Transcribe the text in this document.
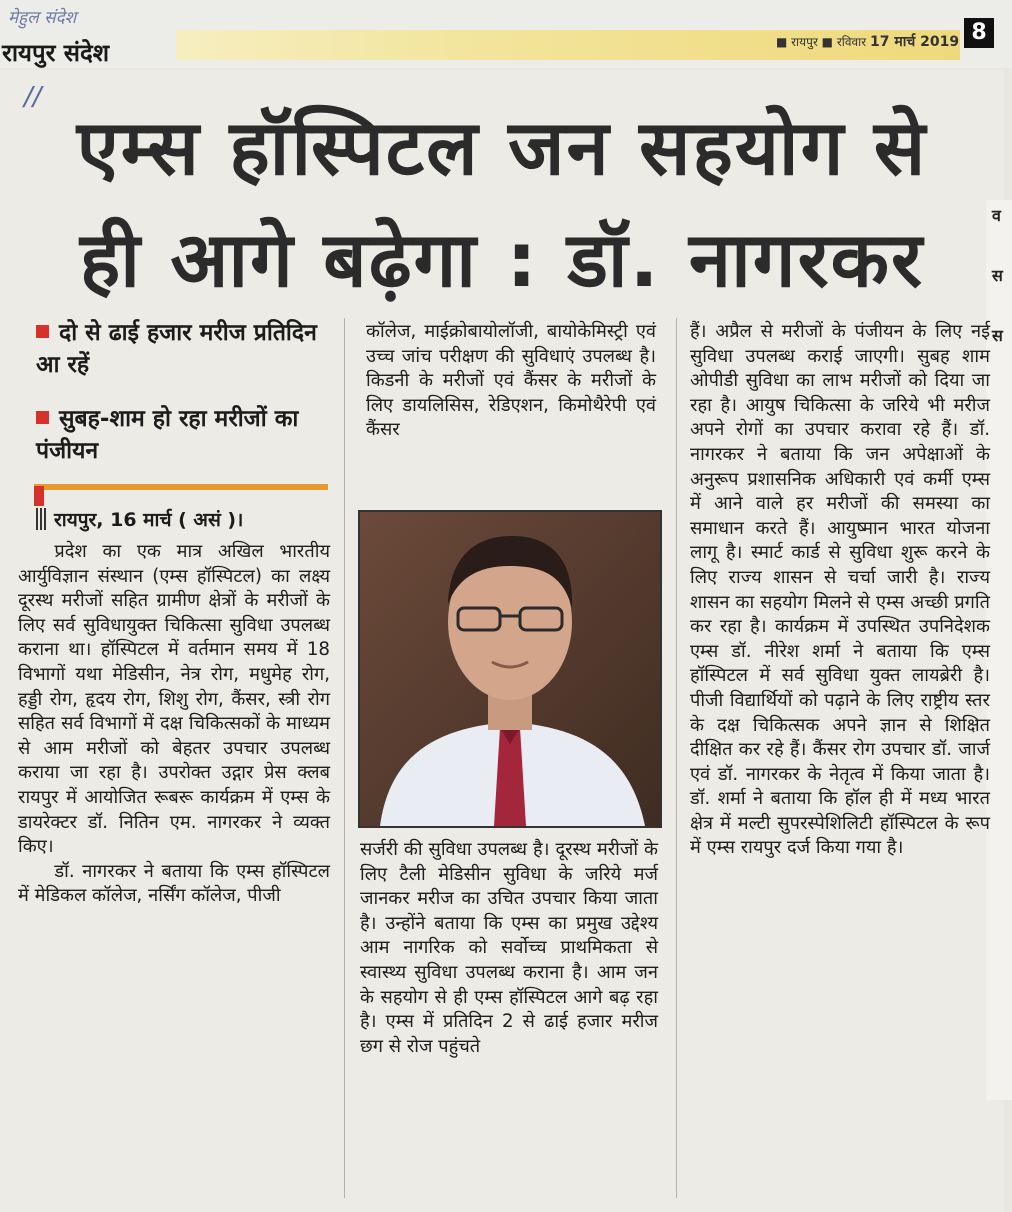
मेहुल संदेश
रायपुर संदेश	■ रायपुर ■ रविवार 17 मार्च 2019 8
व
स
स
//
एम्स हॉस्पिटल जन सहयोग से
ही आगे बढ़ेगा : डॉ. नागरकर
दो से ढाई हजार मरीज प्रतिदिन आ रहें
सुबह-शाम हो रहा मरीजों का पंजीयन
रायपुर, 16 मार्च ( असं )।

प्रदेश का एक मात्र अखिल भारतीय आर्युविज्ञान संस्थान (एम्स हॉस्पिटल) का लक्ष्य दूरस्थ मरीजों सहित ग्रामीण क्षेत्रों के मरीजों के लिए सर्व सुविधायुक्त चिकित्सा सुविधा उपलब्ध कराना था। हॉस्पिटल में वर्तमान समय में 18 विभागों यथा मेडिसीन, नेत्र रोग, मधुमेह रोग, हड्डी रोग, हृदय रोग, शिशु रोग, कैंसर, स्त्री रोग सहित सर्व विभागों में दक्ष चिकित्सकों के माध्यम से आम मरीजों को बेहतर उपचार उपलब्ध कराया जा रहा है। उपरोक्त उद्गार प्रेस क्लब रायपुर में आयोजित रूबरू कार्यक्रम में एम्स के डायरेक्टर डॉ. नितिन एम. नागरकर ने व्यक्त किए।

डॉ. नागरकर ने बताया कि एम्स हॉस्पिटल में मेडिकल कॉलेज, नर्सिंग कॉलेज, पीजी

कॉलेज, माईक्रोबायोलॉजी, बायोकेमिस्ट्री एवं उच्च जांच परीक्षण की सुविधाएं उपलब्ध है। किडनी के मरीजों एवं कैंसर के मरीजों के लिए डायलिसिस, रेडिएशन, किमोथैरेपी एवं कैंसर

सर्जरी की सुविधा उपलब्ध है। दूरस्थ मरीजों के लिए टैली मेडिसीन सुविधा के जरिये मर्ज जानकर मरीज का उचित उपचार किया जाता है। उन्होंने बताया कि एम्स का प्रमुख उद्देश्य आम नागरिक को सर्वोच्च प्राथमिकता से स्वास्थ्य सुविधा उपलब्ध कराना है। आम जन के सहयोग से ही एम्स हॉस्पिटल आगे बढ़ रहा है। एम्स में प्रतिदिन 2 से ढाई हजार मरीज छग से रोज पहुंचते

हैं। अप्रैल से मरीजों के पंजीयन के लिए नई सुविधा उपलब्ध कराई जाएगी। सुबह शाम ओपीडी सुविधा का लाभ मरीजों को दिया जा रहा है। आयुष चिकित्सा के जरिये भी मरीज अपने रोगों का उपचार करावा रहे हैं। डॉ. नागरकर ने बताया कि जन अपेक्षाओं के अनुरूप प्रशासनिक अधिकारी एवं कर्मी एम्स में आने वाले हर मरीजों की समस्या का समाधान करते हैं। आयुष्मान भारत योजना लागू है। स्मार्ट कार्ड से सुविधा शुरू करने के लिए राज्य शासन से चर्चा जारी है। राज्य शासन का सहयोग मिलने से एम्स अच्छी प्रगति कर रहा है। कार्यक्रम में उपस्थित उपनिदेशक एम्स डॉ. नीरेश शर्मा ने बताया कि एम्स हॉस्पिटल में सर्व सुविधा युक्त लायब्रेरी है। पीजी विद्यार्थियों को पढ़ाने के लिए राष्ट्रीय स्तर के दक्ष चिकित्सक अपने ज्ञान से शिक्षित दीक्षित कर रहे हैं। कैंसर रोग उपचार डॉ. जार्ज एवं डॉ. नागरकर के नेतृत्व में किया जाता है। डॉ. शर्मा ने बताया कि हॉल ही में मध्य भारत क्षेत्र में मल्टी सुपरस्पेशिलिटी हॉस्पिटल के रूप में एम्स रायपुर दर्ज किया गया है।
